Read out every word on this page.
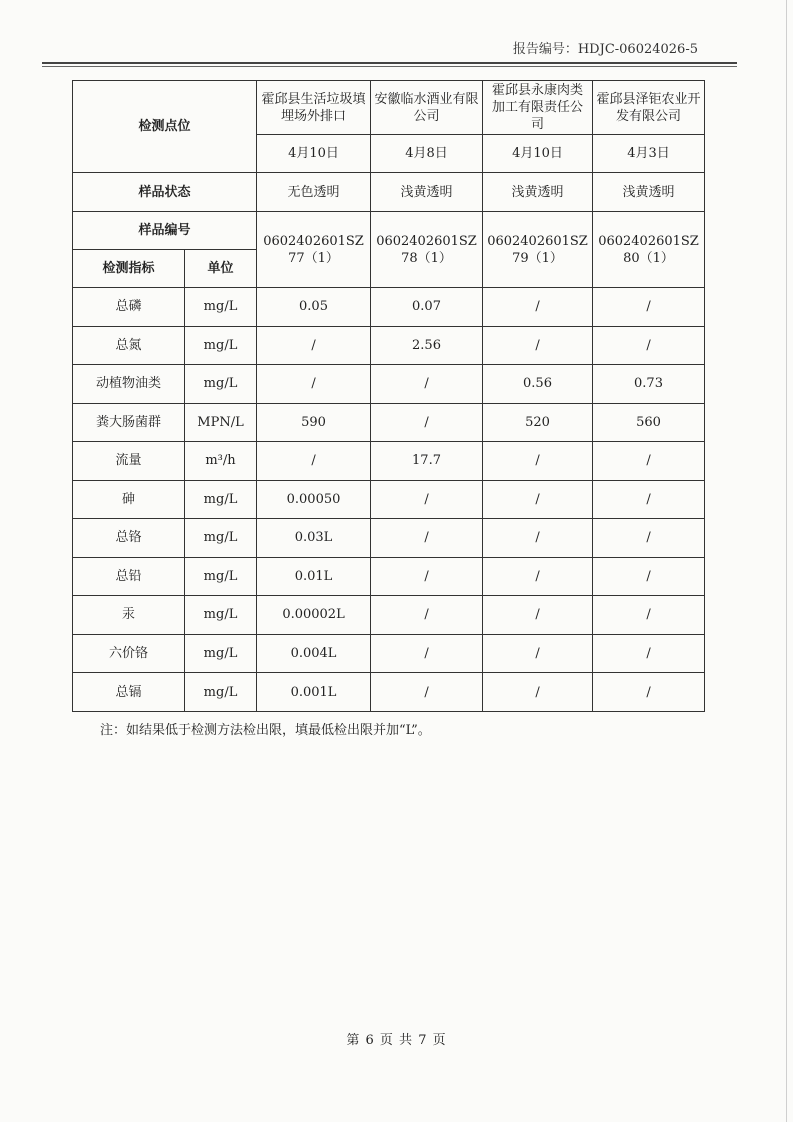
报告编号：HDJC-06024026-5
检测点位		霍邱县生活垃圾填埋场外排口	安徽临水酒业有限公司	霍邱县永康肉类加工有限责任公司	霍邱县泽钜农业开发有限公司
		4月10日	4月8日	4月10日	4月3日
样品状态		无色透明	浅黄透明	浅黄透明	浅黄透明
样品编号		0602402601SZ77（1）	0602402601SZ78（1）	0602402601SZ79（1）	0602402601SZ80（1）
检测指标	单位				
总磷	mg/L	0.05	0.07	/	/
总氮	mg/L	/	2.56	/	/
动植物油类	mg/L	/	/	0.56	0.73
粪大肠菌群	MPN/L	590	/	520	560
流量	m³/h	/	17.7	/	/
砷	mg/L	0.00050	/	/	/
总铬	mg/L	0.03L	/	/	/
总铅	mg/L	0.01L	/	/	/
汞	mg/L	0.00002L	/	/	/
六价铬	mg/L	0.004L	/	/	/
总镉	mg/L	0.001L	/	/	/
注：如结果低于检测方法检出限，填最低检出限并加“L”。
第 6 页 共 7 页
